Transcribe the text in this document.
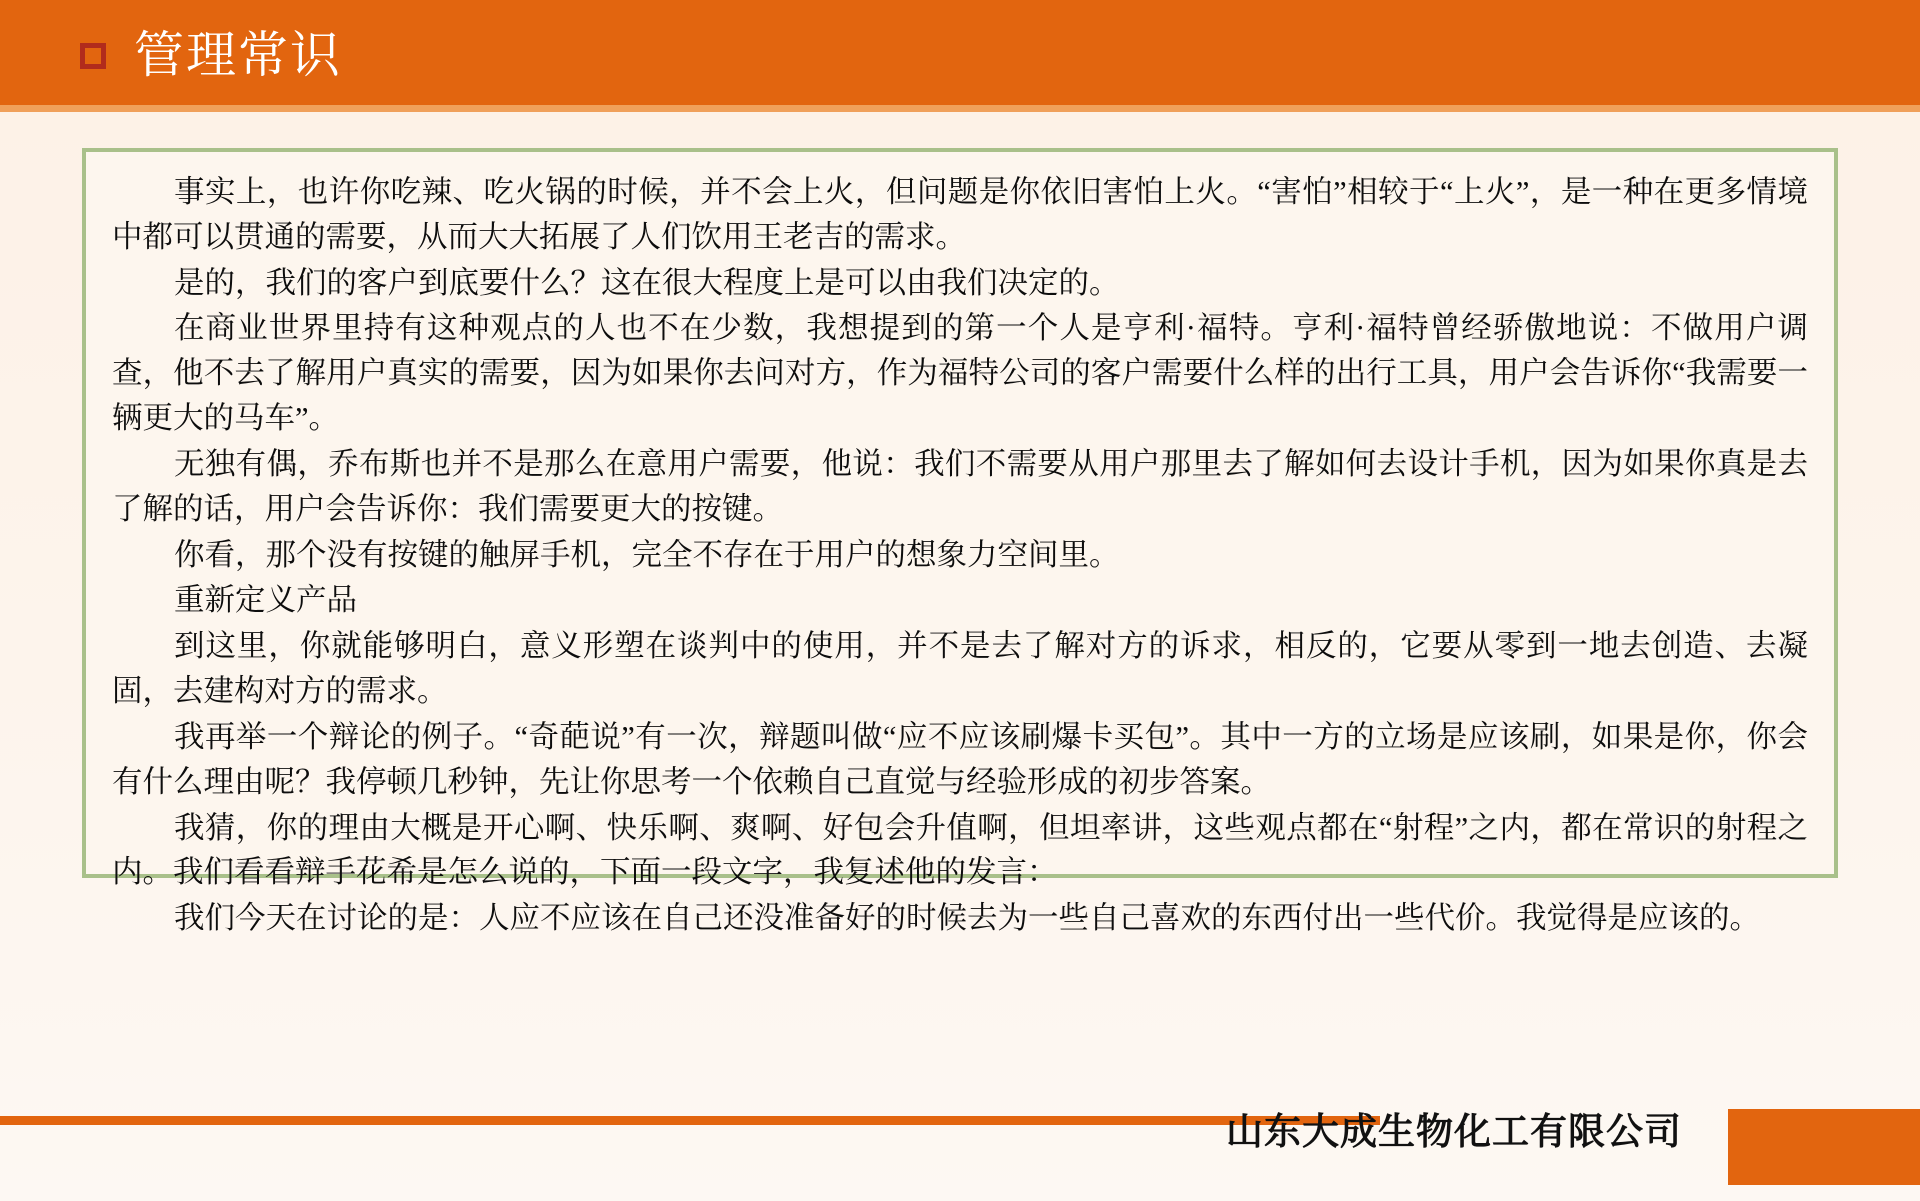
管理常识

事实上，也许你吃辣、吃火锅的时候，并不会上火，但问题是你依旧害怕上火。“害怕”相较于“上火”，是一种在更多情境中都可以贯通的需要，从而大大拓展了人们饮用王老吉的需求。

是的，我们的客户到底要什么？这在很大程度上是可以由我们决定的。

在商业世界里持有这种观点的人也不在少数，我想提到的第一个人是亨利·福特。亨利·福特曾经骄傲地说：不做用户调查，他不去了解用户真实的需要，因为如果你去问对方，作为福特公司的客户需要什么样的出行工具，用户会告诉你“我需要一辆更大的马车”。

无独有偶，乔布斯也并不是那么在意用户需要，他说：我们不需要从用户那里去了解如何去设计手机，因为如果你真是去了解的话，用户会告诉你：我们需要更大的按键。

你看，那个没有按键的触屏手机，完全不存在于用户的想象力空间里。

重新定义产品

到这里，你就能够明白，意义形塑在谈判中的使用，并不是去了解对方的诉求，相反的，它要从零到一地去创造、去凝固，去建构对方的需求。

我再举一个辩论的例子。“奇葩说”有一次，辩题叫做“应不应该刷爆卡买包”。其中一方的立场是应该刷，如果是你，你会有什么理由呢？我停顿几秒钟，先让你思考一个依赖自己直觉与经验形成的初步答案。

我猜，你的理由大概是开心啊、快乐啊、爽啊、好包会升值啊，但坦率讲，这些观点都在“射程”之内，都在常识的射程之内。我们看看辩手花希是怎么说的，下面一段文字，我复述他的发言：

我们今天在讨论的是：人应不应该在自己还没准备好的时候去为一些自己喜欢的东西付出一些代价。我觉得是应该的。

山东大成生物化工有限公司
